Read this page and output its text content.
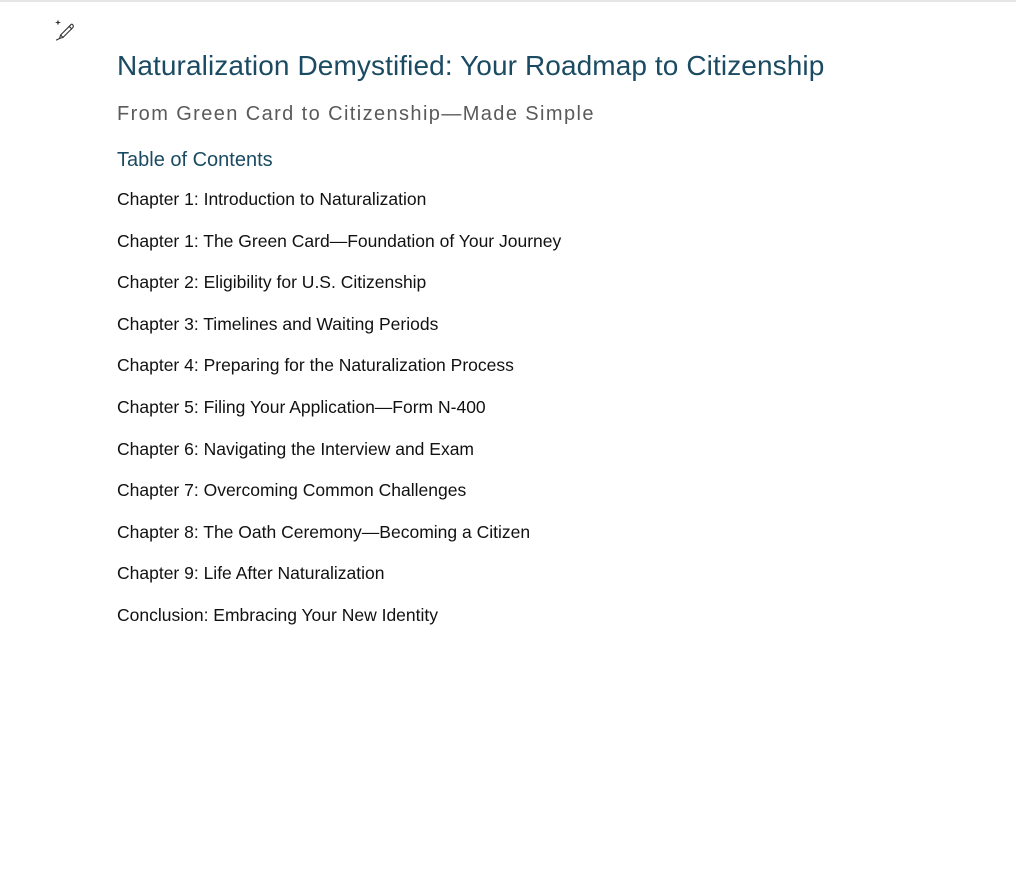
Naturalization Demystified: Your Roadmap to Citizenship
From Green Card to Citizenship—Made Simple
Table of Contents
Chapter 1: Introduction to Naturalization
Chapter 1: The Green Card—Foundation of Your Journey
Chapter 2: Eligibility for U.S. Citizenship
Chapter 3: Timelines and Waiting Periods
Chapter 4: Preparing for the Naturalization Process
Chapter 5: Filing Your Application—Form N-400
Chapter 6: Navigating the Interview and Exam
Chapter 7: Overcoming Common Challenges
Chapter 8: The Oath Ceremony—Becoming a Citizen
Chapter 9: Life After Naturalization
Conclusion: Embracing Your New Identity
